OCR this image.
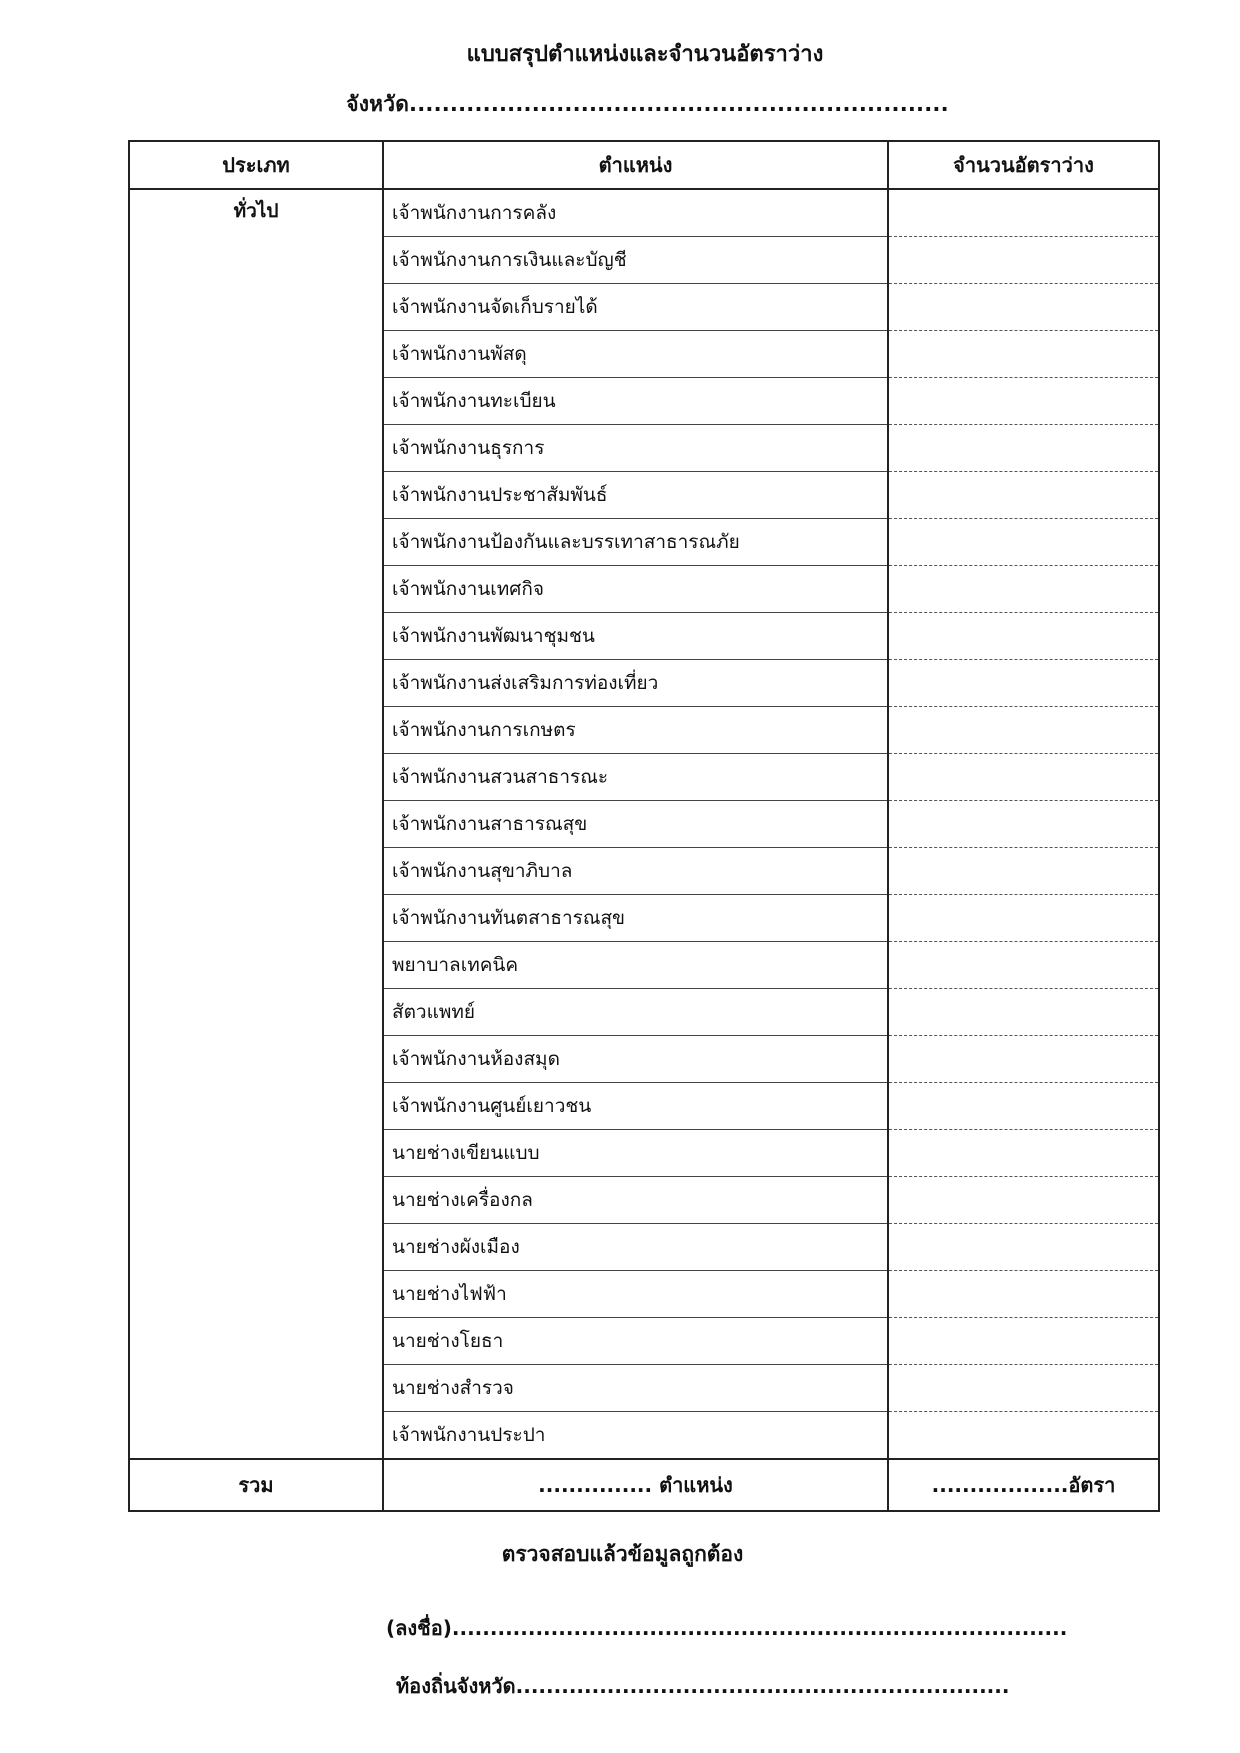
แบบสรุปตำแหน่งและจำนวนอัตราว่าง
จังหวัด..................................................................
ประเภท	ตำแหน่ง	จำนวนอัตราว่าง
ทั่วไป	เจ้าพนักงานการคลัง	
	เจ้าพนักงานการเงินและบัญชี	
	เจ้าพนักงานจัดเก็บรายได้	
	เจ้าพนักงานพัสดุ	
	เจ้าพนักงานทะเบียน	
	เจ้าพนักงานธุรการ	
	เจ้าพนักงานประชาสัมพันธ์	
	เจ้าพนักงานป้องกันและบรรเทาสาธารณภัย	
	เจ้าพนักงานเทศกิจ	
	เจ้าพนักงานพัฒนาชุมชน	
	เจ้าพนักงานส่งเสริมการท่องเที่ยว	
	เจ้าพนักงานการเกษตร	
	เจ้าพนักงานสวนสาธารณะ	
	เจ้าพนักงานสาธารณสุข	
	เจ้าพนักงานสุขาภิบาล	
	เจ้าพนักงานทันตสาธารณสุข	
	พยาบาลเทคนิค	
	สัตวแพทย์	
	เจ้าพนักงานห้องสมุด	
	เจ้าพนักงานศูนย์เยาวชน	
	นายช่างเขียนแบบ	
	นายช่างเครื่องกล	
	นายช่างผังเมือง	
	นายช่างไฟฟ้า	
	นายช่างโยธา	
	นายช่างสำรวจ	
	เจ้าพนักงานประปา	
รวม	............... ตำแหน่ง	..................อัตรา
ตรวจสอบแล้วข้อมูลถูกต้อง
(ลงชื่อ).................................................................................
ท้องถิ่นจังหวัด.................................................................
